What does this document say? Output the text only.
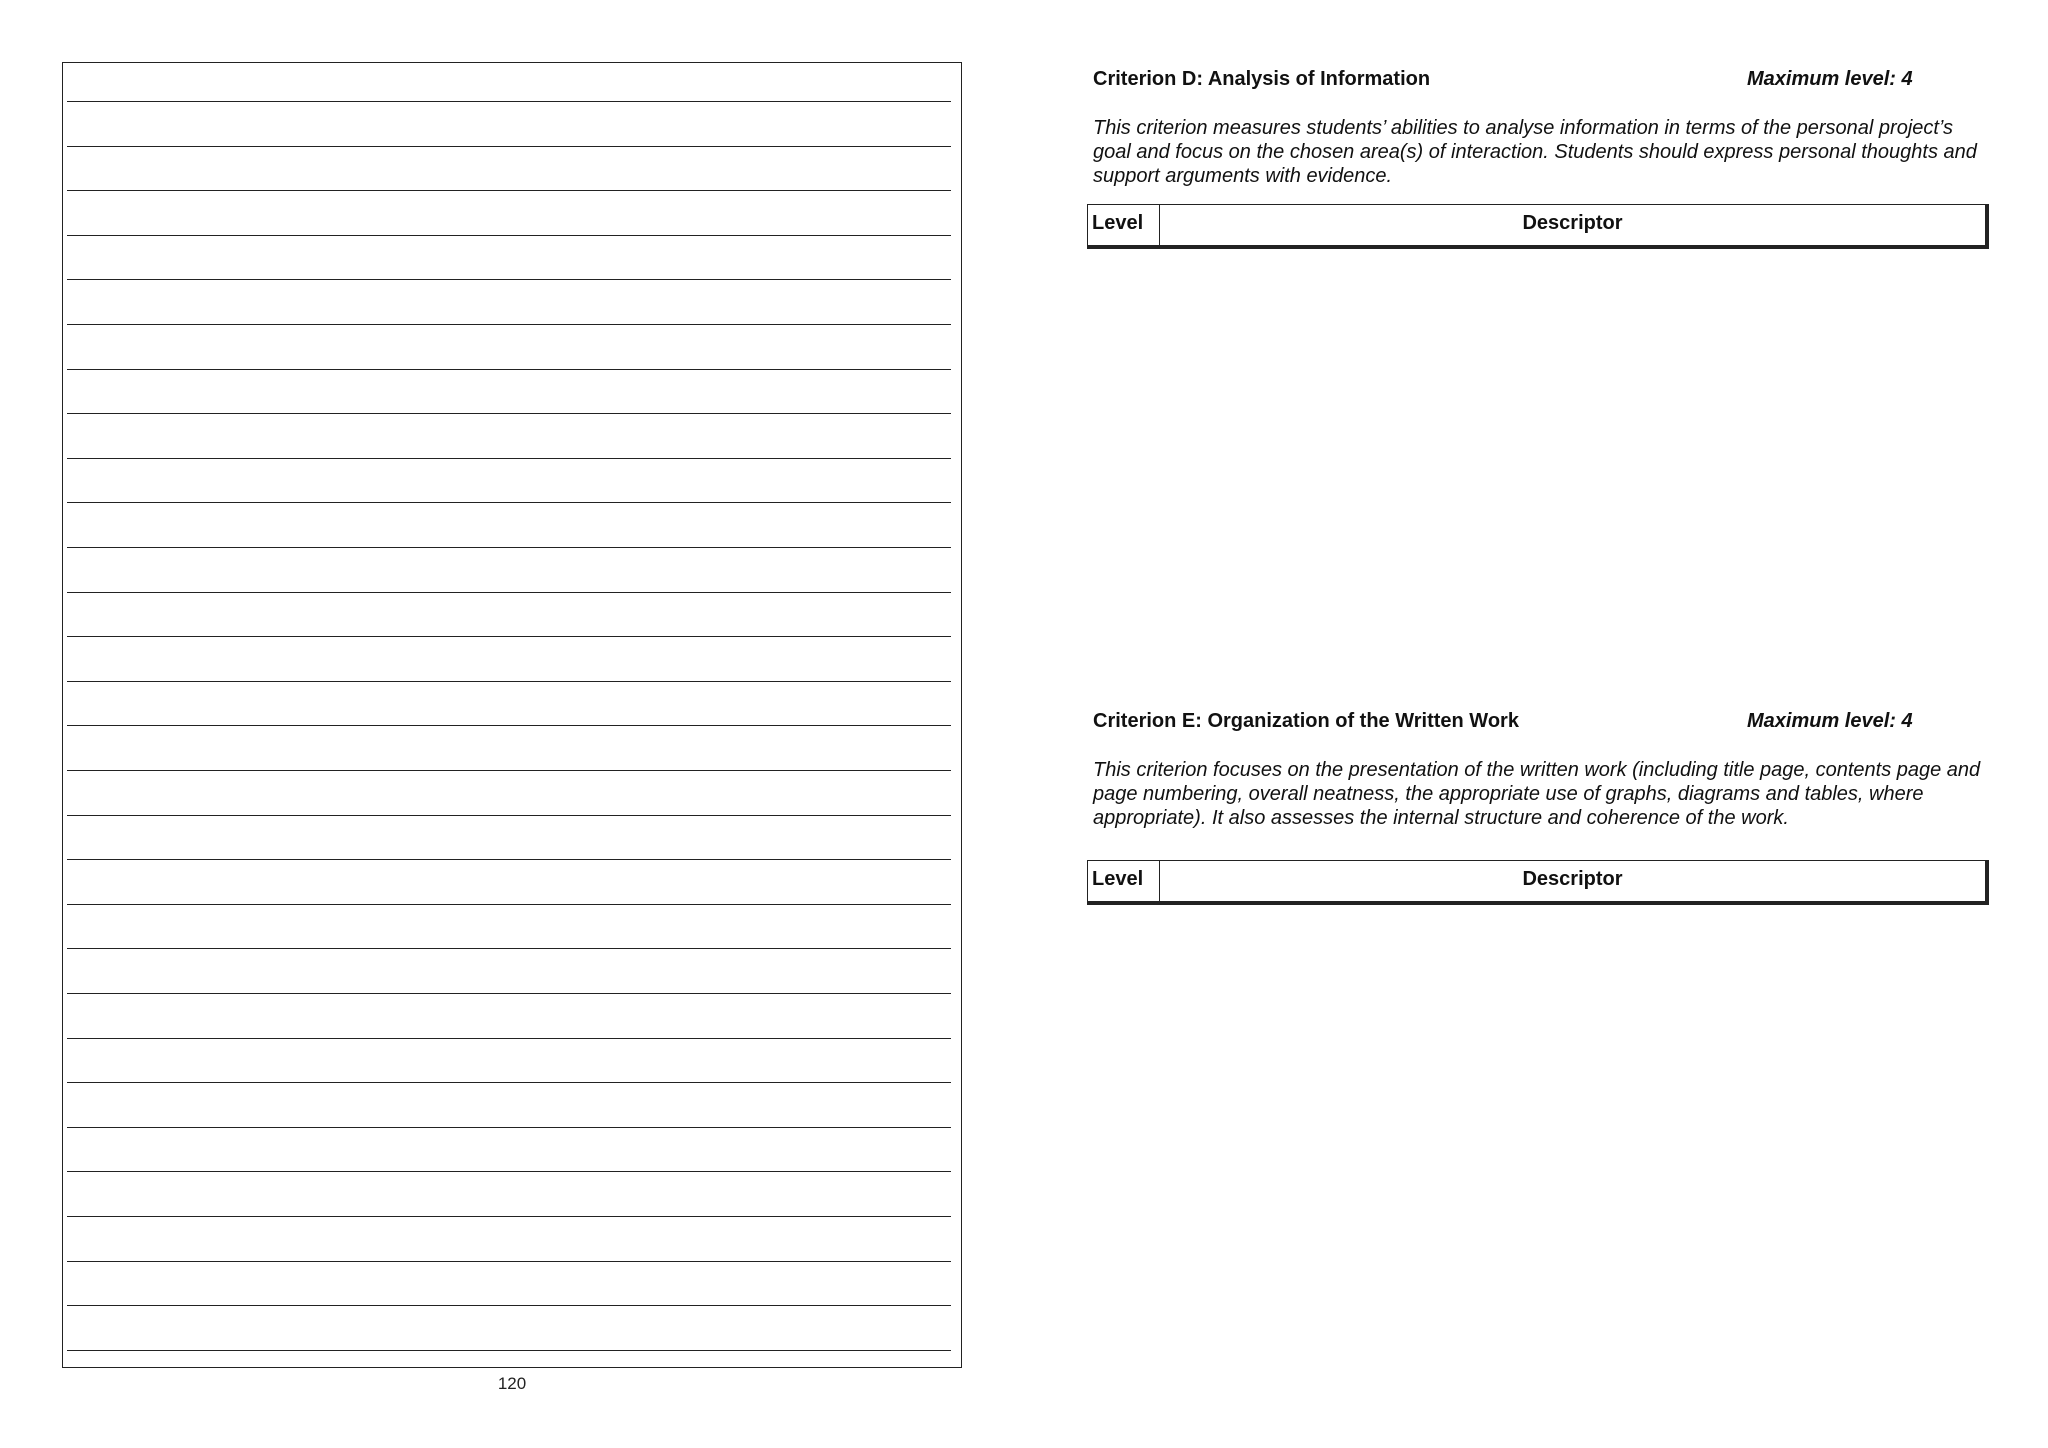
120
Criterion D: Analysis of Information	Maximum level: 4

This criterion measures students’ abilities to analyse information in terms of the personal project’s goal and focus on the chosen area(s) of interaction. Students should express personal thoughts and support arguments with evidence.

Level	Descriptor
Criterion E: Organization of the Written Work	Maximum level: 4

This criterion focuses on the presentation of the written work (including title page, contents page and page numbering, overall neatness, the appropriate use of graphs, diagrams and tables, where appropriate). It also assesses the internal structure and coherence of the work.

Level	Descriptor
